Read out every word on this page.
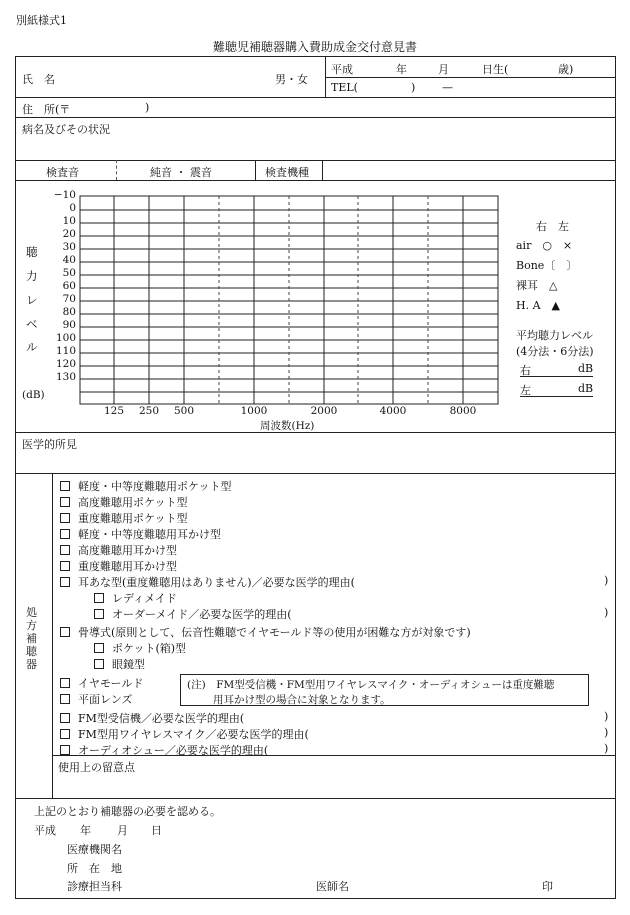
別紙様式1
難聴児補聴器購入費助成金交付意見書
氏　名	男・女
平成	年	月	日生(	歳)
TEL(	) —
住　所(〒	)
病名及びその状況
検査音	純音 ・ 震音	検査機種
聴
力
レ
ベ
ル
(dB)
−10
0
10
20
30
40
50
60
70
80
90
100
110
120
130
125	250	500	1000	2000	4000	8000
周波数(Hz)
右　左
air　○　×
Bone〔　〕
裸耳　△
H. A　▲
平均聴力レベル
(4分法・6分法)
右	dB
左	dB
医学的所見
処方補聴器
軽度・中等度難聴用ポケット型
高度難聴用ポケット型
重度難聴用ポケット型
軽度・中等度難聴用耳かけ型
高度難聴用耳かけ型
重度難聴用耳かけ型
耳あな型(重度難聴用はありません)／必要な医学的理由(	)
レディメイド
オーダーメイド／必要な医学的理由(	)
骨導式(原則として、伝音性難聴でイヤモールド等の使用が困難な方が対象です)
ポケット(箱)型
眼鏡型
イヤモールド
平面レンズ
(注)　FM型受信機・FM型用ワイヤレスマイク・オーディオシューは重度難聴
用耳かけ型の場合に対象となります。
FM型受信機／必要な医学的理由(	)
FM型用ワイヤレスマイク／必要な医学的理由(	)
オーディオシュー／必要な医学的理由(	)
使用上の留意点
上記のとおり補聴器の必要を認める。
平成 年 月 日
医療機関名
所　在　地
診療担当科	医師名	印
